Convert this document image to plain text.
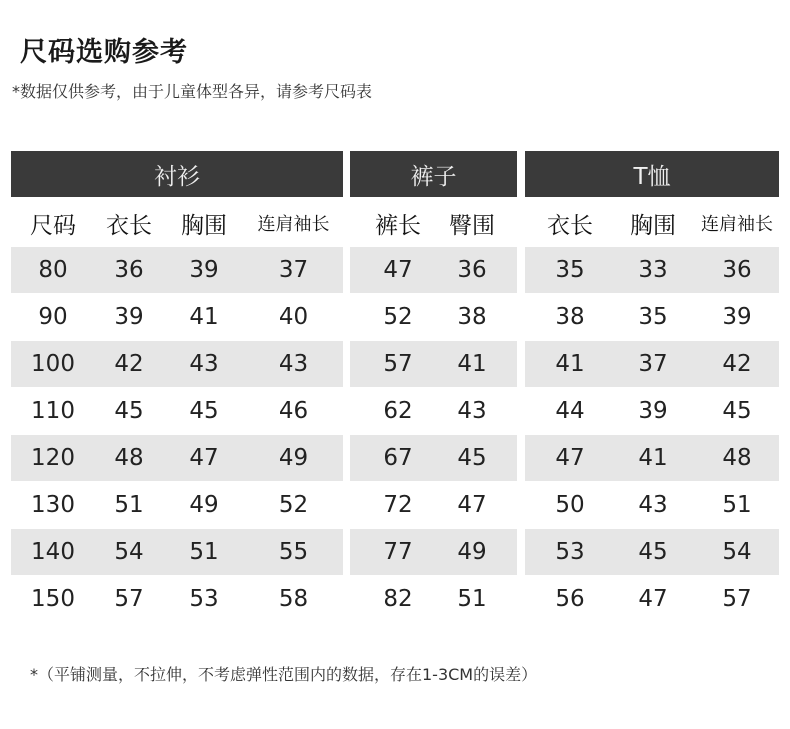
尺码选购参考
*数据仅供参考，由于儿童体型各异，请参考尺码表
衬衫	裤子	T恤
尺码	衣长	胸围	连肩袖长	裤长	臀围	衣长	胸围	连肩袖长
80	36	39	37	47	36	35	33	36
90	39	41	40	52	38	38	35	39
100	42	43	43	57	41	41	37	42
110	45	45	46	62	43	44	39	45
120	48	47	49	67	45	47	41	48
130	51	49	52	72	47	50	43	51
140	54	51	55	77	49	53	45	54
150	57	53	58	82	51	56	47	57
*（平铺测量，不拉伸，不考虑弹性范围内的数据，存在1-3CM的误差）
